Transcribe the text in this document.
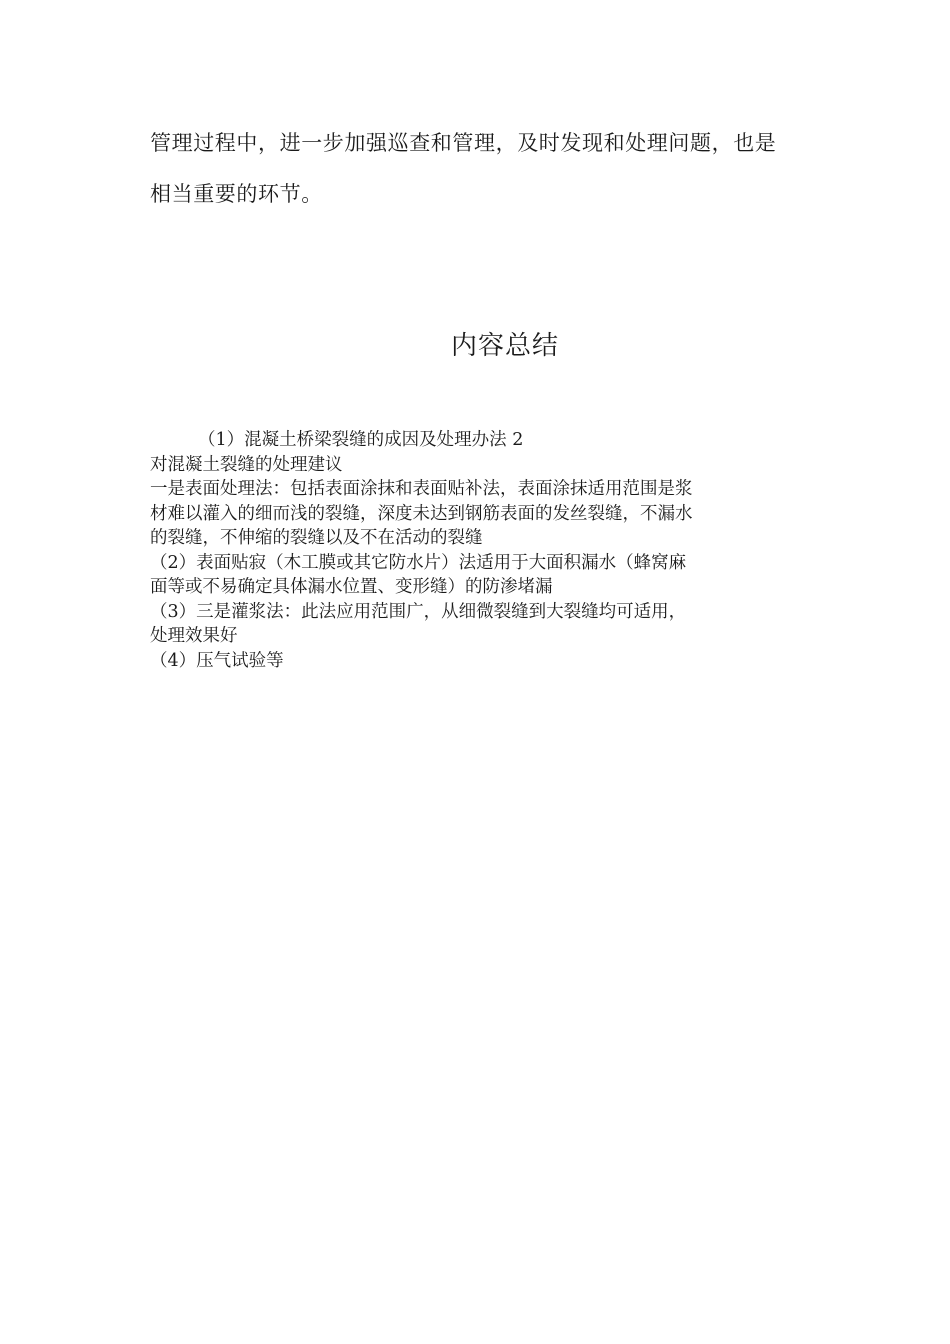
管理过程中，进一步加强巡查和管理，及时发现和处理问题，也是

相当重要的环节。

内容总结

（1）混凝土桥梁裂缝的成因及处理办法 2

对混凝土裂缝的处理建议

一是表面处理法：包括表面涂抹和表面贴补法，表面涂抹适用范围是浆

材难以灌入的细而浅的裂缝，深度未达到钢筋表面的发丝裂缝，不漏水

的裂缝，不伸缩的裂缝以及不在活动的裂缝

（2）表面贴寂（木工膜或其它防水片）法适用于大面积漏水（蜂窝麻

面等或不易确定具体漏水位置、变形缝）的防渗堵漏

（3）三是灌浆法：此法应用范围广，从细微裂缝到大裂缝均可适用，

处理效果好

（4）压气试验等
